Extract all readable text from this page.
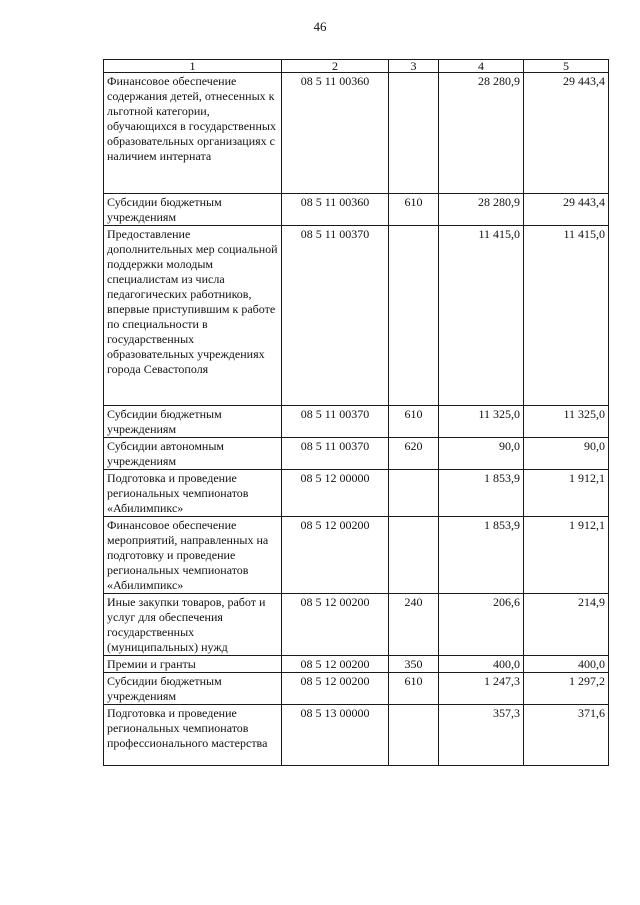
46
1	2	3	4	5
Финансовое обеспечение содержания детей, отнесенных к льготной категории, обучающихся в государственных образовательных организациях с наличием интерната	08 5 11 00360		28 280,9	29 443,4
Субсидии бюджетным учреждениям	08 5 11 00360	610	28 280,9	29 443,4
Предоставление дополнительных мер социальной поддержки молодым специалистам из числа педагогических работников, впервые приступившим к работе по специальности в государственных образовательных учреждениях города Севастополя	08 5 11 00370		11 415,0	11 415,0
Субсидии бюджетным учреждениям	08 5 11 00370	610	11 325,0	11 325,0
Субсидии автономным учреждениям	08 5 11 00370	620	90,0	90,0
Подготовка и проведение региональных чемпионатов «Абилимпикс»	08 5 12 00000		1 853,9	1 912,1
Финансовое обеспечение мероприятий, направленных на подготовку и проведение региональных чемпионатов «Абилимпикс»	08 5 12 00200		1 853,9	1 912,1
Иные закупки товаров, работ и услуг для обеспечения государственных (муниципальных) нужд	08 5 12 00200	240	206,6	214,9
Премии и гранты	08 5 12 00200	350	400,0	400,0
Субсидии бюджетным учреждениям	08 5 12 00200	610	1 247,3	1 297,2
Подготовка и проведение региональных чемпионатов профессионального мастерства	08 5 13 00000		357,3	371,6
